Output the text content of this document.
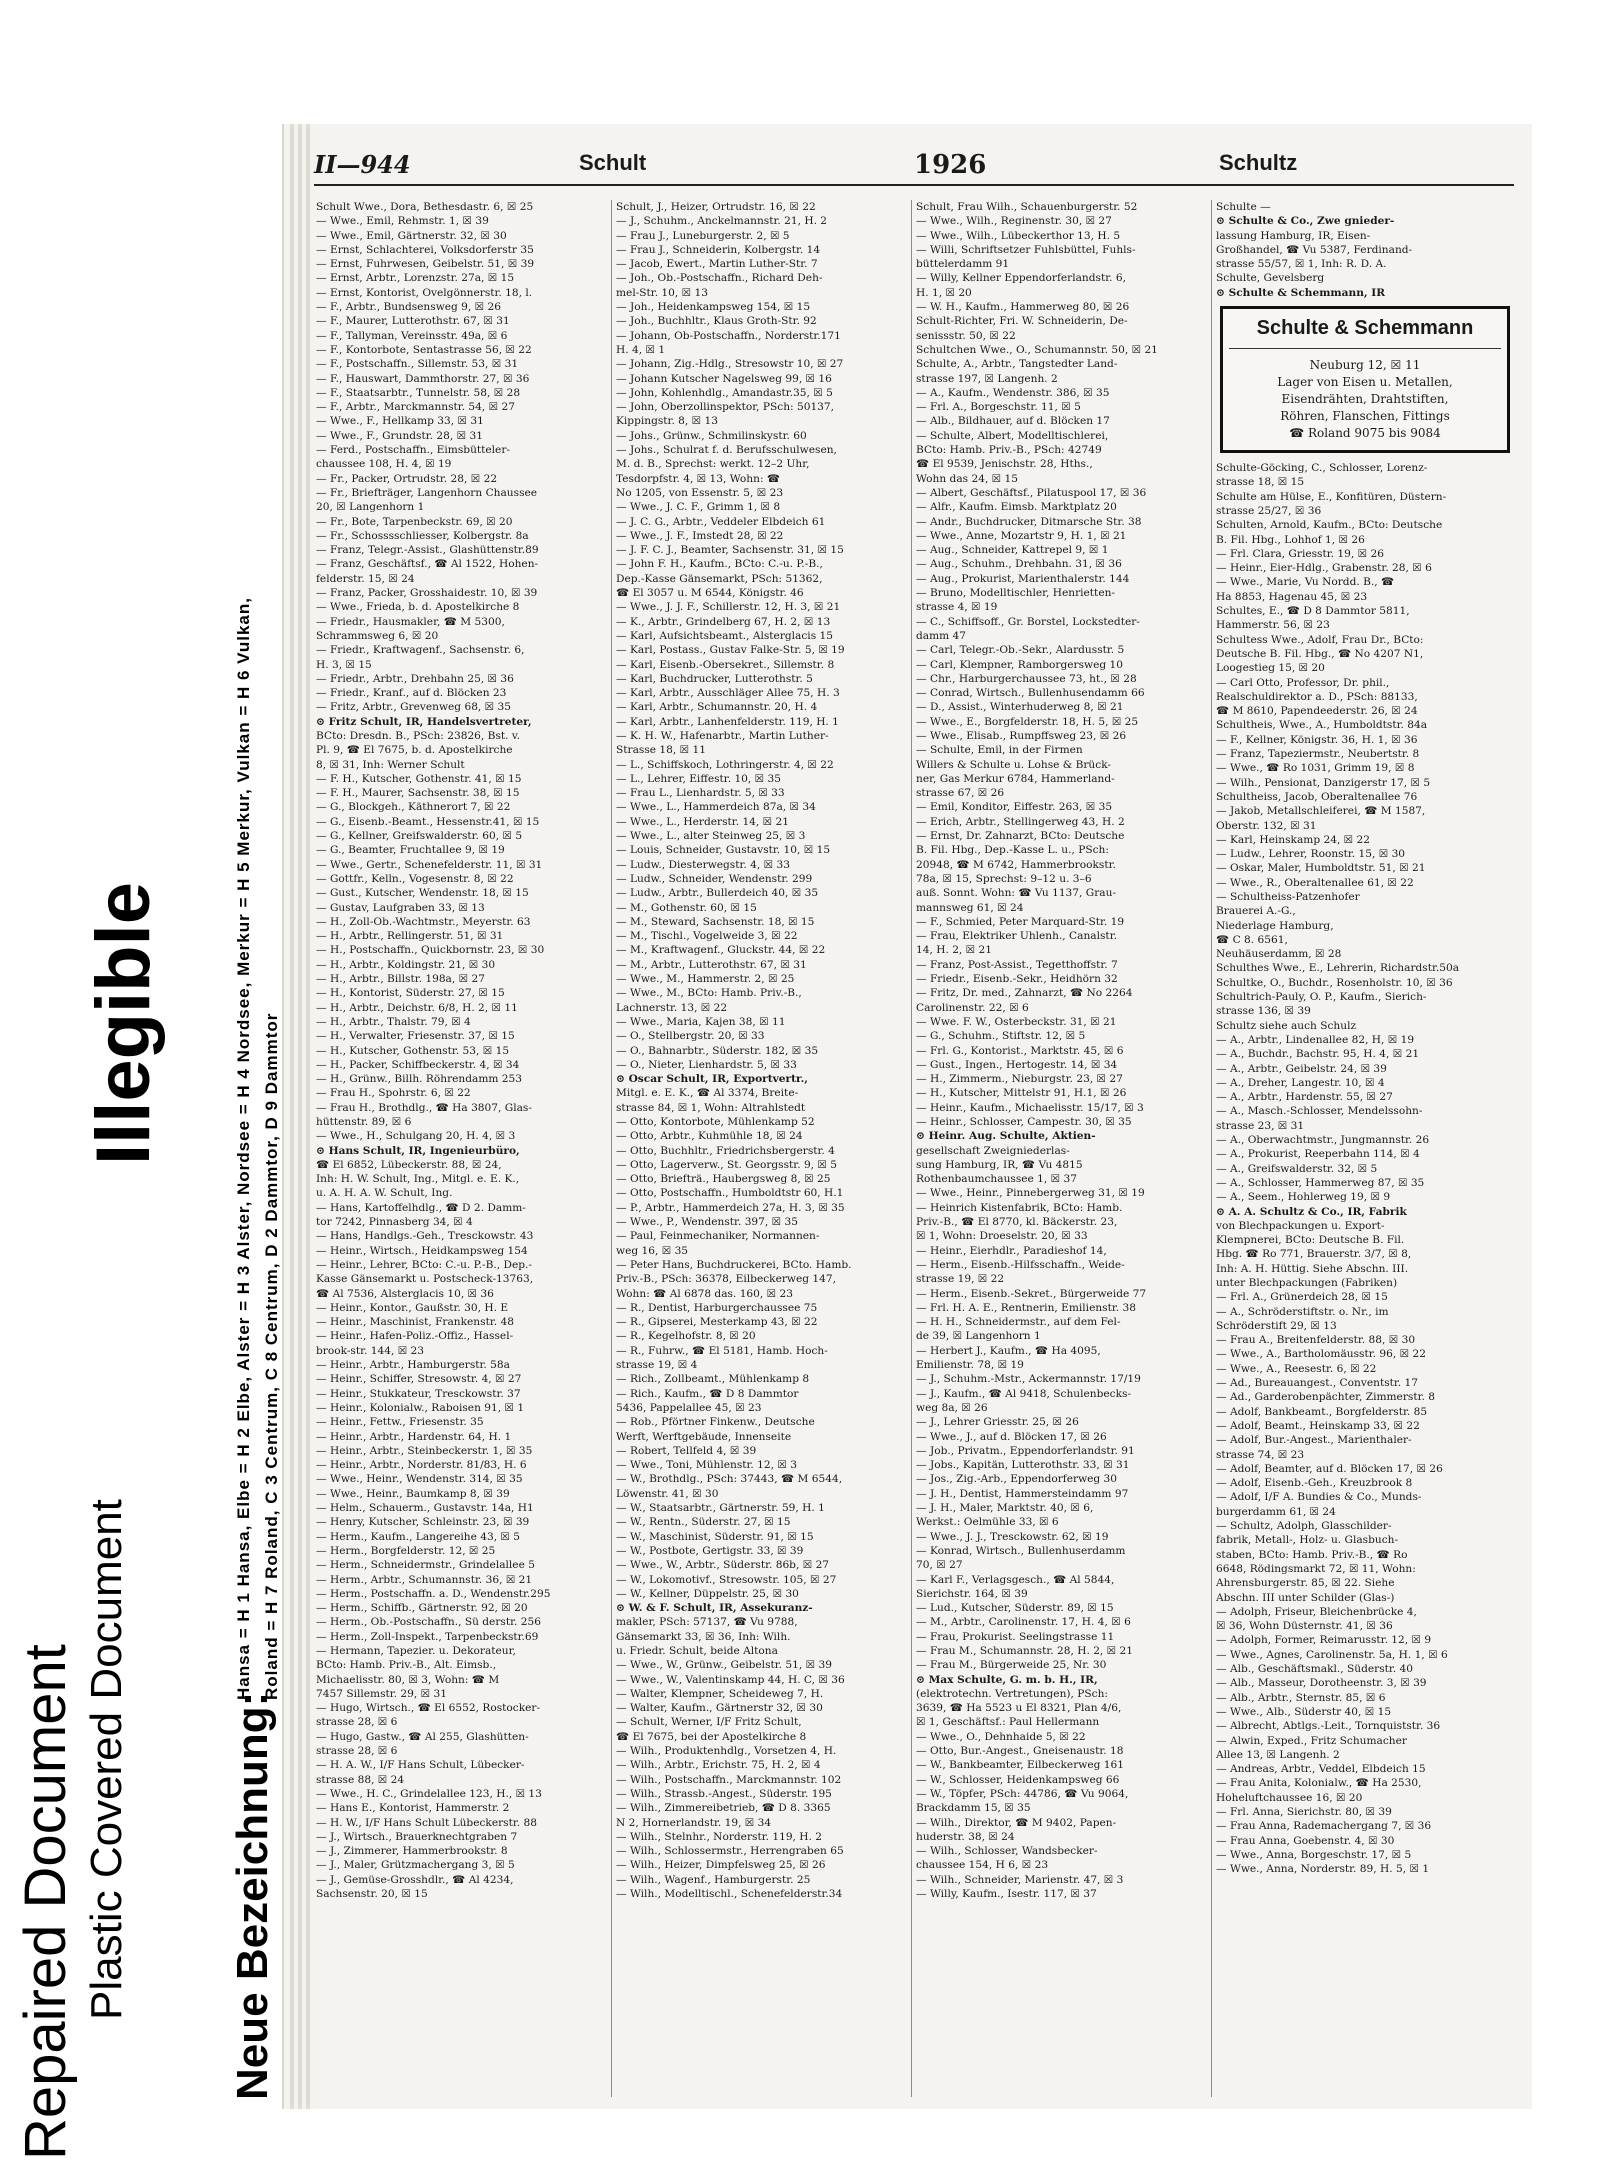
Repaired Document Plastic Covered Document
Illegible
Neue Bezeichnung:
Hansa = H 1 Hansa, Elbe = H 2 Elbe, Alster = H 3 Alster, Nordsee = H 4 Nordsee, Merkur = H 5 Merkur, Vulkan = H 6 Vulkan, Roland = H 7 Roland, C 3 Centrum, C 8 Centrum, D 2 Dammtor, D 9 Dammtor
II—944	Schult	1926	Schultz

Schult Wwe., Dora, Bethesdastr. 6, ☒ 25

— Wwe., Emil, Rehmstr. 1, ☒ 39

— Wwe., Emil, Gärtnerstr. 32, ☒ 30

— Ernst, Schlachterei, Volksdorferstr 35

— Ernst, Fuhrwesen, Geibelstr. 51, ☒ 39

— Ernst, Arbtr., Lorenzstr. 27a, ☒ 15

— Ernst, Kontorist, Ovelgönnerstr. 18, l.

— F., Arbtr., Bundsensweg 9, ☒ 26

— F., Maurer, Lutterothstr. 67, ☒ 31

— F., Tallyman, Vereinsstr. 49a, ☒ 6

— F., Kontorbote, Sentastrasse 56, ☒ 22

— F., Postschaffn., Sillemstr. 53, ☒ 31

— F., Hauswart, Dammthorstr. 27, ☒ 36

— F., Staatsarbtr., Tunnelstr. 58, ☒ 28

— F., Arbtr., Marckmannstr. 54, ☒ 27

— Wwe., F., Hellkamp 33, ☒ 31

— Wwe., F., Grundstr. 28, ☒ 31

— Ferd., Postschaffn., Eimsbütteler-

chaussee 108, H. 4, ☒ 19

— Fr., Packer, Ortrudstr. 28, ☒ 22

— Fr., Briefträger, Langenhorn Chaussee

20, ☒ Langenhorn 1

— Fr., Bote, Tarpenbeckstr. 69, ☒ 20

— Fr., Schosssschliesser, Kolbergstr. 8a

— Franz, Telegr.-Assist., Glashüttenstr.89

— Franz, Geschäftsf., ☎ Al 1522, Hohen-

felderstr. 15, ☒ 24

— Franz, Packer, Grosshaidestr. 10, ☒ 39

— Wwe., Frieda, b. d. Apostelkirche 8

— Friedr., Hausmakler, ☎ M 5300,

Schrammsweg 6, ☒ 20

— Friedr., Kraftwagenf., Sachsenstr. 6,

H. 3, ☒ 15

— Friedr., Arbtr., Drehbahn 25, ☒ 36

— Friedr., Kranf., auf d. Blöcken 23

— Fritz, Arbtr., Grevenweg 68, ☒ 35

⊙ Fritz Schult, IR, Handelsvertreter,

BCto: Dresdn. B., PSch: 23826, Bst. v.

Pl. 9, ☎ El 7675, b. d. Apostelkirche

8, ☒ 31, Inh: Werner Schult

— F. H., Kutscher, Gothenstr. 41, ☒ 15

— F. H., Maurer, Sachsenstr. 38, ☒ 15

— G., Blockgeh., Käthnerort 7, ☒ 22

— G., Eisenb.-Beamt., Hessenstr.41, ☒ 15

— G., Kellner, Greifswalderstr. 60, ☒ 5

— G., Beamter, Fruchtallee 9, ☒ 19

— Wwe., Gertr., Schenefelderstr. 11, ☒ 31

— Gottfr., Kelln., Vogesenstr. 8, ☒ 22

— Gust., Kutscher, Wendenstr. 18, ☒ 15

— Gustav, Laufgraben 33, ☒ 13

— H., Zoll-Ob.-Wachtmstr., Meyerstr. 63

— H., Arbtr., Rellingerstr. 51, ☒ 31

— H., Postschaffn., Quickbornstr. 23, ☒ 30

— H., Arbtr., Koldingstr. 21, ☒ 30

— H., Arbtr., Billstr. 198a, ☒ 27

— H., Kontorist, Süderstr. 27, ☒ 15

— H., Arbtr., Deichstr. 6/8, H. 2, ☒ 11

— H., Arbtr., Thalstr. 79, ☒ 4

— H., Verwalter, Friesenstr. 37, ☒ 15

— H., Kutscher, Gothenstr. 53, ☒ 15

— H., Packer, Schiffbeckerstr. 4, ☒ 34

— H., Grünw., Billh. Röhrendamm 253

— Frau H., Spohrstr. 6, ☒ 22

— Frau H., Brothdlg., ☎ Ha 3807, Glas-

hüttenstr. 89, ☒ 6

— Wwe., H., Schulgang 20, H. 4, ☒ 3

⊙ Hans Schult, IR, Ingenieurbüro,

☎ El 6852, Lübeckerstr. 88, ☒ 24,

Inh: H. W. Schult, Ing., Mitgl. e. E. K.,

u. A. H. A. W. Schult, Ing.

— Hans, Kartoffelhdlg., ☎ D 2. Damm-

tor 7242, Pinnasberg 34, ☒ 4

— Hans, Handlgs.-Geh., Tresckowstr. 43

— Heinr., Wirtsch., Heidkampsweg 154

— Heinr., Lehrer, BCto: C.-u. P.-B., Dep.-

Kasse Gänsemarkt u. Postscheck-13763,

☎ Al 7536, Alsterglacis 10, ☒ 36

— Heinr., Kontor., Gaußstr. 30, H. E

— Heinr., Maschinist, Frankenstr. 48

— Heinr., Hafen-Poliz.-Offiz., Hassel-

brook-str. 144, ☒ 23

— Heinr., Arbtr., Hamburgerstr. 58a

— Heinr., Schiffer, Stresowstr. 4, ☒ 27

— Heinr., Stukkateur, Tresckowstr. 37

— Heinr., Kolonialw., Raboisen 91, ☒ 1

— Heinr., Fettw., Friesenstr. 35

— Heinr., Arbtr., Hardenstr. 64, H. 1

— Heinr., Arbtr., Steinbeckerstr. 1, ☒ 35

— Heinr., Arbtr., Norderstr. 81/83, H. 6

— Wwe., Heinr., Wendenstr. 314, ☒ 35

— Wwe., Heinr., Baumkamp 8, ☒ 39

— Helm., Schauerm., Gustavstr. 14a, H1

— Henry, Kutscher, Schleinstr. 23, ☒ 39

— Herm., Kaufm., Langereihe 43, ☒ 5

— Herm., Borgfelderstr. 12, ☒ 25

— Herm., Schneidermstr., Grindelallee 5

— Herm., Arbtr., Schumannstr. 36, ☒ 21

— Herm., Postschaffn. a. D., Wendenstr.295

— Herm., Schiffb., Gärtnerstr. 92, ☒ 20

— Herm., Ob.-Postschaffn., Sü derstr. 256

— Herm., Zoll-Inspekt., Tarpenbeckstr.69

— Hermann, Tapezier. u. Dekorateur,

BCto: Hamb. Priv.-B., Alt. Eimsb.,

Michaelisstr. 80, ☒ 3, Wohn: ☎ M

7457 Sillemstr. 29, ☒ 31

— Hugo, Wirtsch., ☎ El 6552, Rostocker-

strasse 28, ☒ 6

— Hugo, Gastw., ☎ Al 255, Glashütten-

strasse 28, ☒ 6

— H. A. W., I/F Hans Schult, Lübecker-

strasse 88, ☒ 24

— Wwe., H. C., Grindelallee 123, H., ☒ 13

— Hans E., Kontorist, Hammerstr. 2

— H. W., I/F Hans Schult Lübeckerstr. 88

— J., Wirtsch., Brauerknechtgraben 7

— J., Zimmerer, Hammerbrookstr. 8

— J., Maler, Grützmachergang 3, ☒ 5

— J., Gemüse-Grosshdlr., ☎ Al 4234,

Sachsenstr. 20, ☒ 15

Schult, J., Heizer, Ortrudstr. 16, ☒ 22

— J., Schuhm., Anckelmannstr. 21, H. 2

— Frau J., Luneburgerstr. 2, ☒ 5

— Frau J., Schneiderin, Kolbergstr. 14

— Jacob, Ewert., Martin Luther-Str. 7

— Joh., Ob.-Postschaffn., Richard Deh-

mel-Str. 10, ☒ 13

— Joh., Heidenkampsweg 154, ☒ 15

— Joh., Buchhltr., Klaus Groth-Str. 92

— Johann, Ob-Postschaffn., Norderstr.171

H. 4, ☒ 1

— Johann, Zig.-Hdlg., Stresowstr 10, ☒ 27

— Johann Kutscher Nagelsweg 99, ☒ 16

— John, Kohlenhdlg., Amandastr.35, ☒ 5

— John, Oberzollinspektor, PSch: 50137,

Kippingstr. 8, ☒ 13

— Johs., Grünw., Schmilinskystr. 60

— Johs., Schulrat f. d. Berufsschulwesen,

M. d. B., Sprechst: werkt. 12–2 Uhr,

Tesdorpfstr. 4, ☒ 13, Wohn: ☎

No 1205, von Essenstr. 5, ☒ 23

— Wwe., J. C. F., Grimm 1, ☒ 8

— J. C. G., Arbtr., Veddeler Elbdeich 61

— Wwe., J. F., Imstedt 28, ☒ 22

— J. F. C. J., Beamter, Sachsenstr. 31, ☒ 15

— John F. H., Kaufm., BCto: C.-u. P.-B.,

Dep.-Kasse Gänsemarkt, PSch: 51362,

☎ El 3057 u. M 6544, Königstr. 46

— Wwe., J. J. F., Schillerstr. 12, H. 3, ☒ 21

— K., Arbtr., Grindelberg 67, H. 2, ☒ 13

— Karl, Aufsichtsbeamt., Alsterglacis 15

— Karl, Postass., Gustav Falke-Str. 5, ☒ 19

— Karl, Eisenb.-Obersekret., Sillemstr. 8

— Karl, Buchdrucker, Lutterothstr. 5

— Karl, Arbtr., Ausschläger Allee 75, H. 3

— Karl, Arbtr., Schumannstr. 20, H. 4

— Karl, Arbtr., Lanhenfelderstr. 119, H. 1

— K. H. W., Hafenarbtr., Martin Luther-

Strasse 18, ☒ 11

— L., Schiffskoch, Lothringerstr. 4, ☒ 22

— L., Lehrer, Eiffestr. 10, ☒ 35

— Frau L., Lienhardstr. 5, ☒ 33

— Wwe., L., Hammerdeich 87a, ☒ 34

— Wwe., L., Herderstr. 14, ☒ 21

— Wwe., L., alter Steinweg 25, ☒ 3

— Louis, Schneider, Gustavstr. 10, ☒ 15

— Ludw., Diesterwegstr. 4, ☒ 33

— Ludw., Schneider, Wendenstr. 299

— Ludw., Arbtr., Bullerdeich 40, ☒ 35

— M., Gothenstr. 60, ☒ 15

— M., Steward, Sachsenstr. 18, ☒ 15

— M., Tischl., Vogelweide 3, ☒ 22

— M., Kraftwagenf., Gluckstr. 44, ☒ 22

— M., Arbtr., Lutterothstr. 67, ☒ 31

— Wwe., M., Hammerstr. 2, ☒ 25

— Wwe., M., BCto: Hamb. Priv.-B.,

Lachnerstr. 13, ☒ 22

— Wwe., Maria, Kajen 38, ☒ 11

— O., Stellbergstr. 20, ☒ 33

— O., Bahnarbtr., Süderstr. 182, ☒ 35

— O., Nieter, Lienhardstr. 5, ☒ 33

⊙ Oscar Schult, IR, Exportvertr.,

Mitgl. e. E. K., ☎ Al 3374, Breite-

strasse 84, ☒ 1, Wohn: Altrahlstedt

— Otto, Kontorbote, Mühlenkamp 52

— Otto, Arbtr., Kuhmühle 18, ☒ 24

— Otto, Buchhltr., Friedrichsbergerstr. 4

— Otto, Lagerverw., St. Georgsstr. 9, ☒ 5

— Otto, Briefträ., Haubergsweg 8, ☒ 25

— Otto, Postschaffn., Humboldtstr 60, H.1

— P., Arbtr., Hammerdeich 27a, H. 3, ☒ 35

— Wwe., P., Wendenstr. 397, ☒ 35

— Paul, Feinmechaniker, Normannen-

weg 16, ☒ 35

— Peter Hans, Buchdruckerei, BCto. Hamb.

Priv.-B., PSch: 36378, Eilbeckerweg 147,

Wohn: ☎ Al 6878 das. 160, ☒ 23

— R., Dentist, Harburgerchaussee 75

— R., Gipserei, Mesterkamp 43, ☒ 22

— R., Kegelhofstr. 8, ☒ 20

— R., Fuhrw., ☎ El 5181, Hamb. Hoch-

strasse 19, ☒ 4

— Rich., Zollbeamt., Mühlenkamp 8

— Rich., Kaufm., ☎ D 8 Dammtor

5436, Pappelallee 45, ☒ 23

— Rob., Pförtner Finkenw., Deutsche

Werft, Werftgebäude, Innenseite

— Robert, Tellfeld 4, ☒ 39

— Wwe., Toni, Mühlenstr. 12, ☒ 3

— W., Brothdlg., PSch: 37443, ☎ M 6544,

Löwenstr. 41, ☒ 30

— W., Staatsarbtr., Gärtnerstr. 59, H. 1

— W., Rentn., Süderstr. 27, ☒ 15

— W., Maschinist, Süderstr. 91, ☒ 15

— W., Postbote, Gertigstr. 33, ☒ 39

— Wwe., W., Arbtr., Süderstr. 86b, ☒ 27

— W., Lokomotivf., Stresowstr. 105, ☒ 27

— W., Kellner, Düppelstr. 25, ☒ 30

⊙ W. & F. Schult, IR, Assekuranz-

makler, PSch: 57137, ☎ Vu 9788,

Gänsemarkt 33, ☒ 36, Inh: Wilh.

u. Friedr. Schult, beide Altona

— Wwe., W., Grünw., Geibelstr. 51, ☒ 39

— Wwe., W., Valentinskamp 44, H. C, ☒ 36

— Walter, Klempner, Scheideweg 7, H.

— Walter, Kaufm., Gärtnerstr 32, ☒ 30

— Schult, Werner, I/F Fritz Schult,

☎ El 7675, bei der Apostelkirche 8

— Wilh., Produktenhdlg., Vorsetzen 4, H.

— Wilh., Arbtr., Erichstr. 75, H. 2, ☒ 4

— Wilh., Postschaffn., Marckmannstr. 102

— Wilh., Strassb.-Angest., Süderstr. 195

— Wilh., Zimmereibetrieb, ☎ D 8. 3365

N 2, Hornerlandstr. 19, ☒ 34

— Wilh., Stelnhr., Norderstr. 119, H. 2

— Wilh., Schlossermstr., Herrengraben 65

— Wilh., Heizer, Dimpfelsweg 25, ☒ 26

— Wilh., Wagenf., Hamburgerstr. 25

— Wilh., Modelltischl., Schenefelderstr.34

Schult, Frau Wilh., Schauenburgerstr. 52

— Wwe., Wilh., Reginenstr. 30, ☒ 27

— Wwe., Wilh., Lübeckerthor 13, H. 5

— Willi, Schriftsetzer Fuhlsbüttel, Fuhls-

büttelerdamm 91

— Willy, Kellner Eppendorferlandstr. 6,

H. 1, ☒ 20

— W. H., Kaufm., Hammerweg 80, ☒ 26

Schult-Richter, Fri. W. Schneiderin, De-

senissstr. 50, ☒ 22

Schultchen Wwe., O., Schumannstr. 50, ☒ 21

Schulte, A., Arbtr., Tangstedter Land-

strasse 197, ☒ Langenh. 2

— A., Kaufm., Wendenstr. 386, ☒ 35

— Frl. A., Borgeschstr. 11, ☒ 5

— Alb., Bildhauer, auf d. Blöcken 17

— Schulte, Albert, Modelltischlerei,

BCto: Hamb. Priv.-B., PSch: 42749

☎ El 9539, Jenischstr. 28, Hths.,

Wohn das 24, ☒ 15

— Albert, Geschäftsf., Pilatuspool 17, ☒ 36

— Alfr., Kaufm. Eimsb. Marktplatz 20

— Andr., Buchdrucker, Ditmarsche Str. 38

— Wwe., Anne, Mozartstr 9, H. 1, ☒ 21

— Aug., Schneider, Kattrepel 9, ☒ 1

— Aug., Schuhm., Drehbahn. 31, ☒ 36

— Aug., Prokurist, Marienthalerstr. 144

— Bruno, Modelltischler, Henrietten-

strasse 4, ☒ 19

— C., Schiffsoff., Gr. Borstel, Lockstedter-

damm 47

— Carl, Telegr.-Ob.-Sekr., Alardusstr. 5

— Carl, Klempner, Ramborgersweg 10

— Chr., Harburgerchaussee 73, ht., ☒ 28

— Conrad, Wirtsch., Bullenhusendamm 66

— D., Assist., Winterhuderweg 8, ☒ 21

— Wwe., E., Borgfelderstr. 18, H. 5, ☒ 25

— Wwe., Elisab., Rumpffsweg 23, ☒ 26

— Schulte, Emil, in der Firmen

Willers & Schulte u. Lohse & Brück-

ner, Gas Merkur 6784, Hammerland-

strasse 67, ☒ 26

— Emil, Konditor, Eiffestr. 263, ☒ 35

— Erich, Arbtr., Stellingerweg 43, H. 2

— Ernst, Dr. Zahnarzt, BCto: Deutsche

B. Fil. Hbg., Dep.-Kasse L. u., PSch:

20948, ☎ M 6742, Hammerbrookstr.

78a, ☒ 15, Sprechst: 9–12 u. 3–6

auß. Sonnt. Wohn: ☎ Vu 1137, Grau-

mannsweg 61, ☒ 24

— F., Schmied, Peter Marquard-Str. 19

— Frau, Elektriker Uhlenh., Canalstr.

14, H. 2, ☒ 21

— Franz, Post-Assist., Tegetthoffstr. 7

— Friedr., Eisenb.-Sekr., Heidhörn 32

— Fritz, Dr. med., Zahnarzt, ☎ No 2264

Carolinenstr. 22, ☒ 6

— Wwe. F. W., Osterbeckstr. 31, ☒ 21

— G., Schuhm., Stiftstr. 12, ☒ 5

— Frl. G., Kontorist., Marktstr. 45, ☒ 6

— Gust., Ingen., Hertogestr. 14, ☒ 34

— H., Zimmerm., Nieburgstr. 23, ☒ 27

— H., Kutscher, Mittelstr 91, H.1, ☒ 26

— Heinr., Kaufm., Michaelisstr. 15/17, ☒ 3

— Heinr., Schlosser, Campestr. 30, ☒ 35

⊙ Heinr. Aug. Schulte, Aktien-

gesellschaft Zweigniederlas-

sung Hamburg, IR, ☎ Vu 4815

Rothenbaumchaussee 1, ☒ 37

— Wwe., Heinr., Pinnebergerweg 31, ☒ 19

— Heinrich Kistenfabrik, BCto: Hamb.

Priv.-B., ☎ El 8770, kl. Bäckerstr. 23,

☒ 1, Wohn: Droeselstr. 20, ☒ 33

— Heinr., Eierhdlr., Paradieshof 14,

— Herm., Eisenb.-Hilfsschaffn., Weide-

strasse 19, ☒ 22

— Herm., Eisenb.-Sekret., Bürgerweide 77

— Frl. H. A. E., Rentnerin, Emilienstr. 38

— H. H., Schneidermstr., auf dem Fel-

de 39, ☒ Langenhorn 1

— Herbert J., Kaufm., ☎ Ha 4095,

Emilienstr. 78, ☒ 19

— J., Schuhm.-Mstr., Ackermannstr. 17/19

— J., Kaufm., ☎ Al 9418, Schulenbecks-

weg 8a, ☒ 26

— J., Lehrer Griesstr. 25, ☒ 26

— Wwe., J., auf d. Blöcken 17, ☒ 26

— Job., Privatm., Eppendorferlandstr. 91

— Jobs., Kapitän, Lutterothstr. 33, ☒ 31

— Jos., Zig.-Arb., Eppendorferweg 30

— J. H., Dentist, Hammersteindamm 97

— J. H., Maler, Marktstr. 40, ☒ 6,

Werkst.: Oelmühle 33, ☒ 6

— Wwe., J. J., Tresckowstr. 62, ☒ 19

— Konrad, Wirtsch., Bullenhuserdamm

70, ☒ 27

— Karl F., Verlagsgesch., ☎ Al 5844,

Sierichstr. 164, ☒ 39

— Lud., Kutscher, Süderstr. 89, ☒ 15

— M., Arbtr., Carolinenstr. 17, H. 4, ☒ 6

— Frau, Prokurist. Seelingstrasse 11

— Frau M., Schumannstr. 28, H. 2, ☒ 21

— Frau M., Bürgerweide 25, Nr. 30

⊙ Max Schulte, G. m. b. H., IR,

(elektrotechn. Vertretungen), PSch:

3639, ☎ Ha 5523 u El 8321, Plan 4/6,

☒ 1, Geschäftsf.: Paul Hellermann

— Wwe., O., Dehnhaide 5, ☒ 22

— Otto, Bur.-Angest., Gneisenaustr. 18

— W., Bankbeamter, Eilbeckerweg 161

— W., Schlosser, Heidenkampsweg 66

— W., Töpfer, PSch: 44786, ☎ Vu 9064,

Brackdamm 15, ☒ 35

— Wilh., Direktor, ☎ M 9402, Papen-

huderstr. 38, ☒ 24

— Wilh., Schlosser, Wandsbecker-

chaussee 154, H 6, ☒ 23

— Wilh., Schneider, Marienstr. 47, ☒ 3

— Willy, Kaufm., Isestr. 117, ☒ 37

Schulte —

⊙ Schulte & Co., Zwe gnieder-

lassung Hamburg, IR, Eisen-

Großhandel, ☎ Vu 5387, Ferdinand-

strasse 55/57, ☒ 1, Inh: R. D. A.

Schulte, Gevelsberg

⊙ Schulte & Schemmann, IR

Schulte & Schemmann
Neuburg 12, ☒ 11
Lager von Eisen u. Metallen,
Eisendrähten, Drahtstiften,
Röhren, Flanschen, Fittings
☎ Roland 9075 bis 9084

Schulte-Göcking, C., Schlosser, Lorenz-

strasse 18, ☒ 15

Schulte am Hülse, E., Konfitüren, Düstern-

strasse 25/27, ☒ 36

Schulten, Arnold, Kaufm., BCto: Deutsche

B. Fil. Hbg., Lohhof 1, ☒ 26

— Frl. Clara, Griesstr. 19, ☒ 26

— Heinr., Eier-Hdlg., Grabenstr. 28, ☒ 6

— Wwe., Marie, Vu Nordd. B., ☎

Ha 8853, Hagenau 45, ☒ 23

Schultes, E., ☎ D 8 Dammtor 5811,

Hammerstr. 56, ☒ 23

Schultess Wwe., Adolf, Frau Dr., BCto:

Deutsche B. Fil. Hbg., ☎ No 4207 N1,

Loogestieg 15, ☒ 20

— Carl Otto, Professor, Dr. phil.,

Realschuldirektor a. D., PSch: 88133,

☎ M 8610, Papendeederstr. 26, ☒ 24

Schultheis, Wwe., A., Humboldtstr. 84a

— F., Kellner, Königstr. 36, H. 1, ☒ 36

— Franz, Tapeziermstr., Neubertstr. 8

— Wwe., ☎ Ro 1031, Grimm 19, ☒ 8

— Wilh., Pensionat, Danzigerstr 17, ☒ 5

Schultheiss, Jacob, Oberaltenallee 76

— Jakob, Metallschleiferei, ☎ M 1587,

Oberstr. 132, ☒ 31

— Karl, Heinskamp 24, ☒ 22

— Ludw., Lehrer, Roonstr. 15, ☒ 30

— Oskar, Maler, Humboldtstr. 51, ☒ 21

— Wwe., R., Oberaltenallee 61, ☒ 22

— Schultheiss-Patzenhofer

Brauerei A.-G.,

Niederlage Hamburg,

☎ C 8. 6561,

Neuhäuserdamm, ☒ 28

Schulthes Wwe., E., Lehrerin, Richardstr.50a

Schultke, O., Buchdr., Rosenholstr. 10, ☒ 36

Schultrich-Pauly, O. P., Kaufm., Sierich-

strasse 136, ☒ 39

Schultz siehe auch Schulz

— A., Arbtr., Lindenallee 82, H, ☒ 19

— A., Buchdr., Bachstr. 95, H. 4, ☒ 21

— A., Arbtr., Geibelstr. 24, ☒ 39

— A., Dreher, Langestr. 10, ☒ 4

— A., Arbtr., Hardenstr. 55, ☒ 27

— A., Masch.-Schlosser, Mendelssohn-

strasse 23, ☒ 31

— A., Oberwachtmstr., Jungmannstr. 26

— A., Prokurist, Reeperbahn 114, ☒ 4

— A., Greifswalderstr. 32, ☒ 5

— A., Schlosser, Hammerweg 87, ☒ 35

— A., Seem., Hohlerweg 19, ☒ 9

⊙ A. A. Schultz & Co., IR, Fabrik

von Blechpackungen u. Export-

Klempnerei, BCto: Deutsche B. Fil.

Hbg. ☎ Ro 771, Brauerstr. 3/7, ☒ 8,

Inh: A. H. Hüttig. Siehe Abschn. III.

unter Blechpackungen (Fabriken)

— Frl. A., Grünerdeich 28, ☒ 15

— A., Schröderstiftstr. o. Nr., im

Schröderstift 29, ☒ 13

— Frau A., Breitenfelderstr. 88, ☒ 30

— Wwe., A., Bartholomäusstr. 96, ☒ 22

— Wwe., A., Reesestr. 6, ☒ 22

— Ad., Bureauangest., Conventstr. 17

— Ad., Garderobenpächter, Zimmerstr. 8

— Adolf, Bankbeamt., Borgfelderstr. 85

— Adolf, Beamt., Heinskamp 33, ☒ 22

— Adolf, Bur.-Angest., Marienthaler-

strasse 74, ☒ 23

— Adolf, Beamter, auf d. Blöcken 17, ☒ 26

— Adolf, Eisenb.-Geh., Kreuzbrook 8

— Adolf, I/F A. Bundies & Co., Munds-

burgerdamm 61, ☒ 24

— Schultz, Adolph, Glasschilder-

fabrik, Metall-, Holz- u. Glasbuch-

staben, BCto: Hamb. Priv.-B., ☎ Ro

6648, Rödingsmarkt 72, ☒ 11, Wohn:

Ahrensburgerstr. 85, ☒ 22. Siehe

Abschn. III unter Schilder (Glas-)

— Adolph, Friseur, Bleichenbrücke 4,

☒ 36, Wohn Düsternstr. 41, ☒ 36

— Adolph, Former, Reimarusstr. 12, ☒ 9

— Wwe., Agnes, Carolinenstr. 5a, H. 1, ☒ 6

— Alb., Geschäftsmakl., Süderstr. 40

— Alb., Masseur, Dorotheenstr. 3, ☒ 39

— Alb., Arbtr., Sternstr. 85, ☒ 6

— Wwe., Alb., Süderstr 40, ☒ 15

— Albrecht, Abtlgs.-Leit., Tornquiststr. 36

— Alwin, Exped., Fritz Schumacher

Allee 13, ☒ Langenh. 2

— Andreas, Arbtr., Veddel, Elbdeich 15

— Frau Anita, Kolonialw., ☎ Ha 2530,

Hoheluftchaussee 16, ☒ 20

— Frl. Anna, Sierichstr. 80, ☒ 39

— Frau Anna, Rademachergang 7, ☒ 36

— Frau Anna, Goebenstr. 4, ☒ 30

— Wwe., Anna, Borgeschstr. 17, ☒ 5

— Wwe., Anna, Norderstr. 89, H. 5, ☒ 1
